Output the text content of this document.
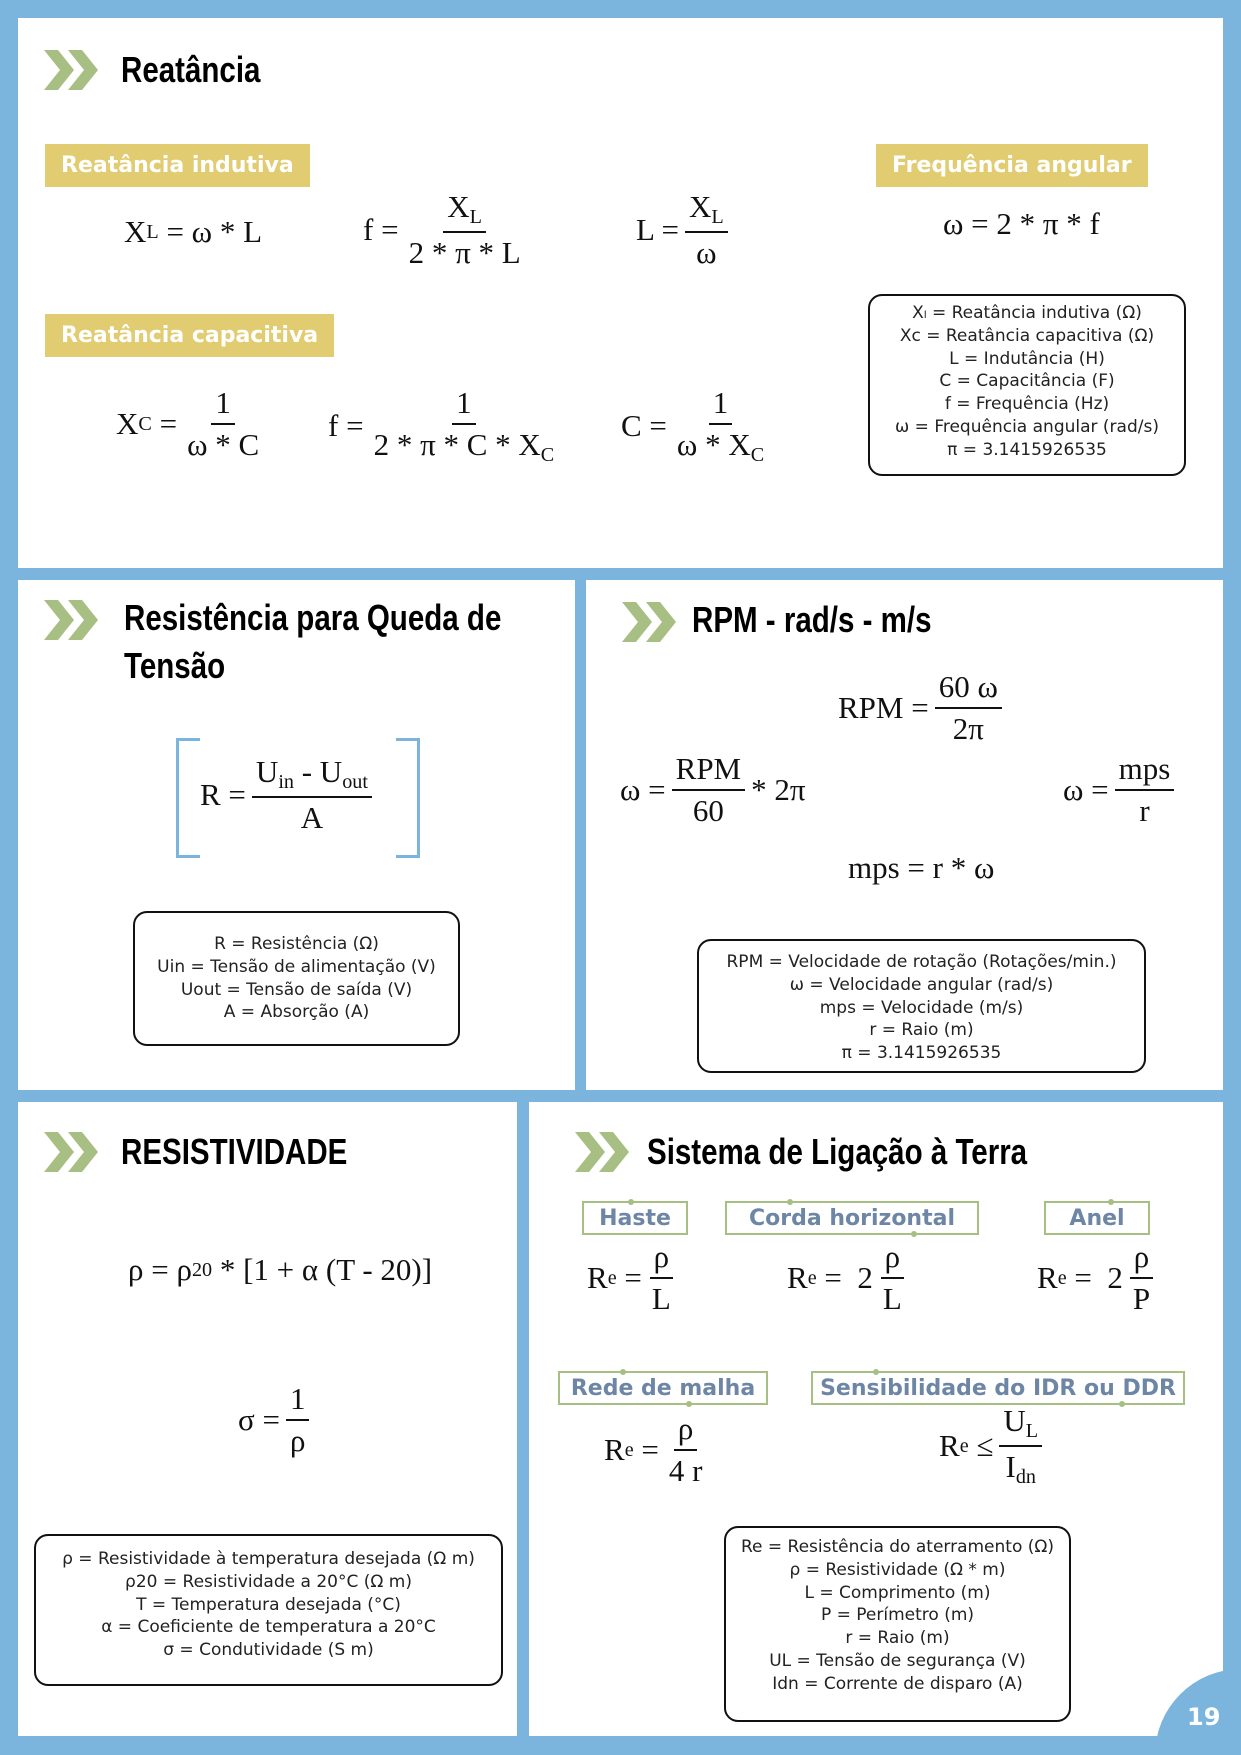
Reatância
Reatância indutiva	Frequência angular
Reatância capacitiva
X L = ω * L	$f = \frac{X_L}{2 * \pi * L}$	$L = \frac{X_L}{\omega}$	ω = 2 * π * f
X $C = \frac{1}{\omega * C}$ $f = \frac{1}{2 * \pi * C * X_C}$ $C = \frac{1}{\omega * X_C}$
Xₗ = Reatância indutiva (Ω)
Xc = Reatância capacitiva (Ω)
L = Indutância (H)
C = Capacitância (F)
f = Frequência (Hz)
ω = Frequência angular (rad/s)
π = 3.1415926535
Resistência para Queda de
Tensão
$R = \frac{U_{in} - U_{out}}{A}$
R = Resistência (Ω)
Uin = Tensão de alimentação (V)
Uout = Tensão de saída (V)
A = Absorção (A)
RPM - rad/s - m/s
RPM = $\frac{60 \omega}{2\pi}$
$\omega = \frac{\text{RPM}}{60} * 2\pi$	$\omega = \frac{\text{mps}}{r}$
mps = r * ω
RPM = Velocidade de rotação (Rotações/min.)
ω = Velocidade angular (rad/s)
mps = Velocidade (m/s)
r = Raio (m)
π = 3.1415926535
RESISTIVIDADE
ρ = ρ 20 * [1 + α (T - 20)]
$\sigma = \frac{1}{\rho}$
ρ = Resistividade à temperatura desejada (Ω m)
ρ20 = Resistividade a 20°C (Ω m)
T = Temperatura desejada (°C)
α = Coeficiente de temperatura a 20°C
σ = Condutividade (S m)
Sistema de Ligação à Terra
Haste	Corda horizontal	Anel
R $e = \frac{\rho}{L}$	R $e = 2 \frac{\rho}{L}$	R $e = 2 \frac{\rho}{P}$
Rede de malha	Sensibilidade do IDR ou DDR
R $e = \frac{\rho}{4 r}$	R $e \le \frac{U_L}{I_{dn}}$
Re = Resistência do aterramento (Ω)
ρ = Resistividade (Ω * m)
L = Comprimento (m)
P = Perímetro (m)
r = Raio (m)
UL = Tensão de segurança (V)
Idn = Corrente de disparo (A)
19
